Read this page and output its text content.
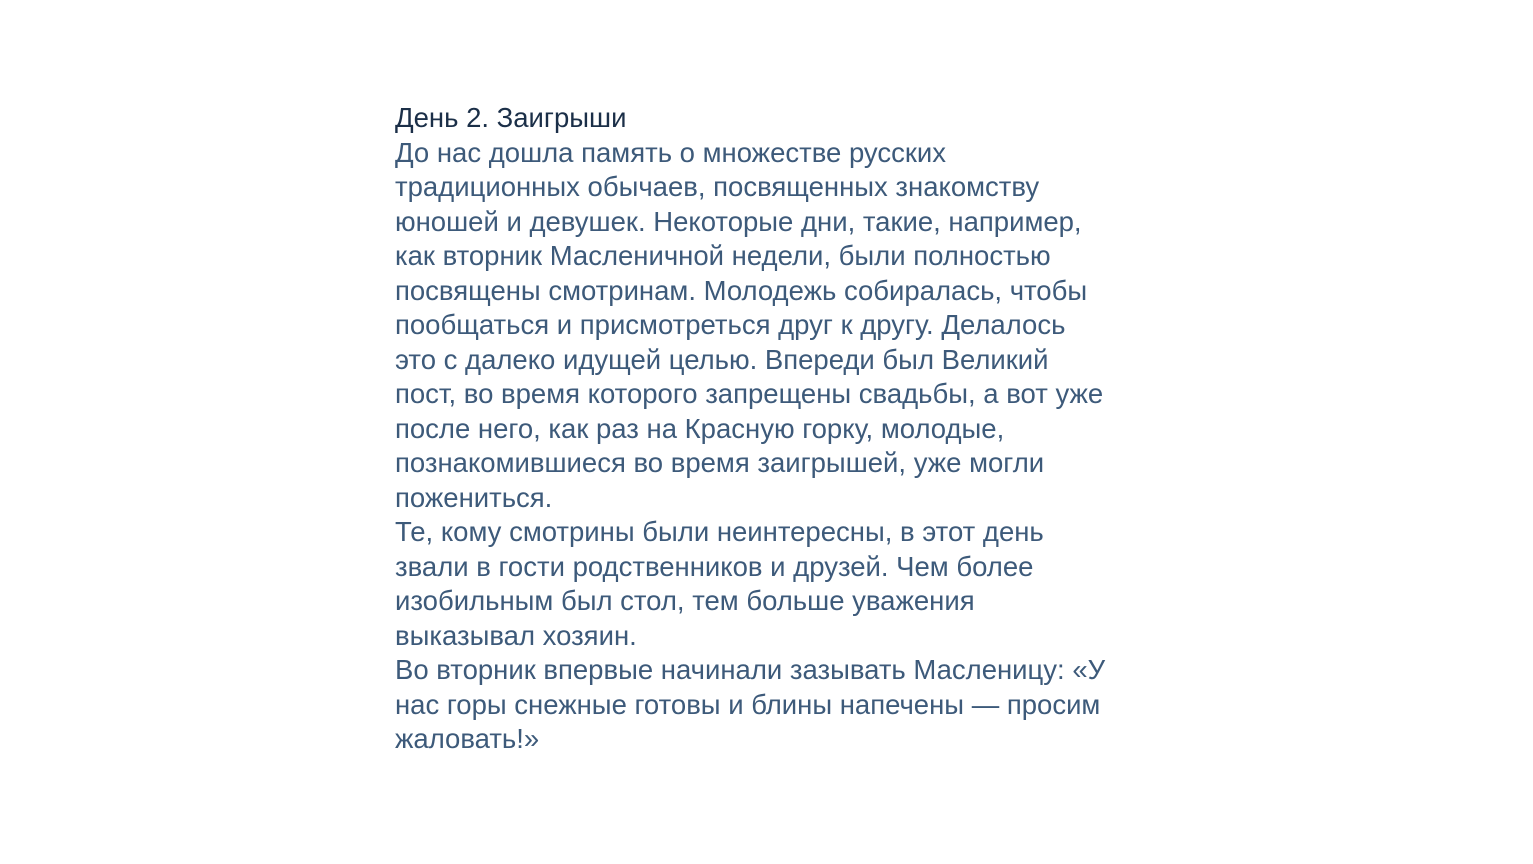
День 2. Заигрыши

До нас дошла память о множестве русских
традиционных обычаев, посвященных знакомству
юношей и девушек. Некоторые дни, такие, например,
как вторник Масленичной недели, были полностью
посвящены смотринам. Молодежь собиралась, чтобы
пообщаться и присмотреться друг к другу. Делалось
это с далеко идущей целью. Впереди был Великий
пост, во время которого запрещены свадьбы, а вот уже
после него, как раз на Красную горку, молодые,
познакомившиеся во время заигрышей, уже могли
пожениться.

Те, кому смотрины были неинтересны, в этот день
звали в гости родственников и друзей. Чем более
изобильным был стол, тем больше уважения
выказывал хозяин.

Во вторник впервые начинали зазывать Масленицу: «У
нас горы снежные готовы и блины напечены — просим
жаловать!»
